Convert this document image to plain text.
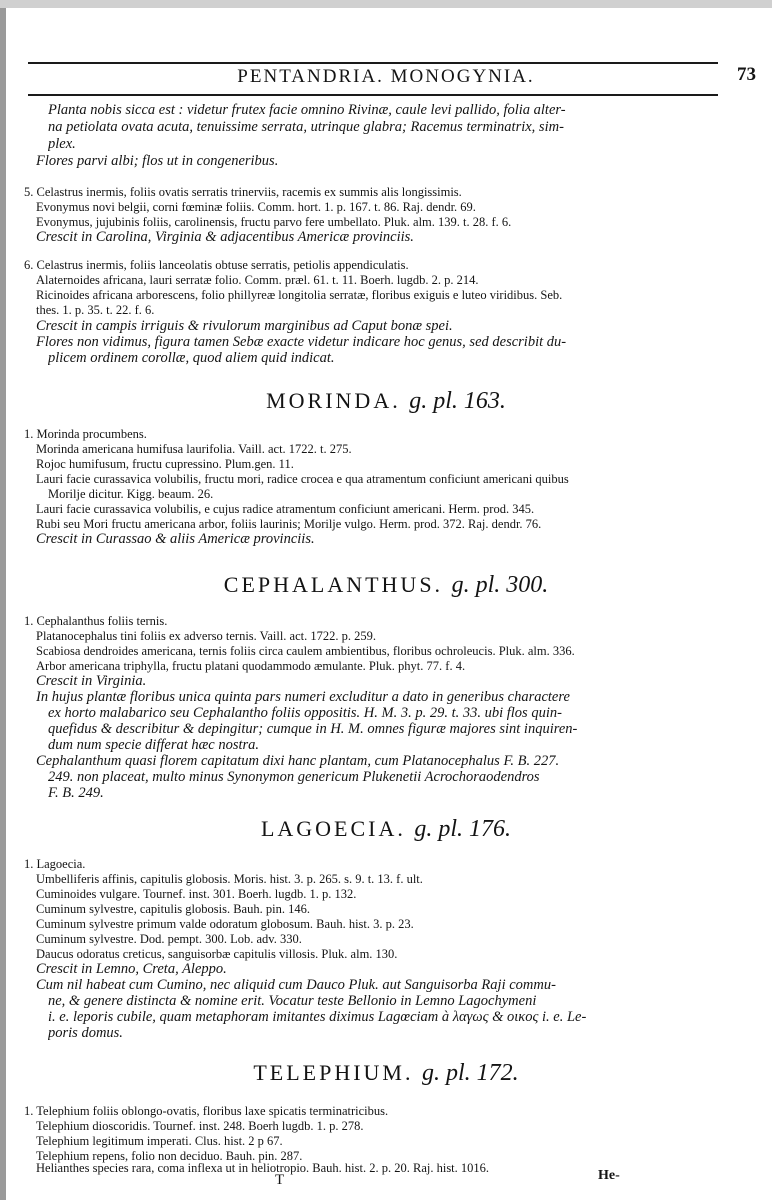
PENTANDRIA. MONOGYNIA.	73
Planta nobis sicca est : videtur frutex facie omnino Rivinæ, caule levi pallido, folia alter-
na petiolata ovata acuta, tenuissime serrata, utrinque glabra; Racemus terminatrix, sim-
plex.
Flores parvi albi; flos ut in congeneribus.
5. Celastrus inermis, foliis ovatis serratis trinerviis, racemis ex summis alis longissimis.
Evonymus novi belgii, corni fœminæ foliis. Comm. hort. 1. p. 167. t. 86. Raj. dendr. 69.
Evonymus, jujubinis foliis, carolinensis, fructu parvo fere umbellato. Pluk. alm. 139. t. 28. f. 6.
Crescit in Carolina, Virginia & adjacentibus Americæ provinciis.
6. Celastrus inermis, foliis lanceolatis obtuse serratis, petiolis appendiculatis.
Alaternoides africana, lauri serratæ folio. Comm. præl. 61. t. 11. Boerh. lugdb. 2. p. 214.
Ricinoides africana arborescens, folio phillyreæ longitolia serratæ, floribus exiguis e luteo viridibus. Seb.
thes. 1. p. 35. t. 22. f. 6.
Crescit in campis irriguis & rivulorum marginibus ad Caput bonæ spei.
Flores non vidimus, figura tamen Sebæ exacte videtur indicare hoc genus, sed describit du-
plicem ordinem corollæ, quod aliem quid indicat.
MORINDA. g. pl. 163.
1. Morinda procumbens.
Morinda americana humifusa laurifolia. Vaill. act. 1722. t. 275.
Rojoc humifusum, fructu cupressino. Plum.gen. 11.
Lauri facie curassavica volubilis, fructu mori, radice crocea e qua atramentum conficiunt americani quibus
Morilje dicitur. Kigg. beaum. 26.
Lauri facie curassavica volubilis, e cujus radice atramentum conficiunt americani. Herm. prod. 345.
Rubi seu Mori fructu americana arbor, foliis laurinis; Morilje vulgo. Herm. prod. 372. Raj. dendr. 76.
Crescit in Curassao & aliis Americæ provinciis.
CEPHALANTHUS. g. pl. 300.
1. Cephalanthus foliis ternis.
Platanocephalus tini foliis ex adverso ternis. Vaill. act. 1722. p. 259.
Scabiosa dendroides americana, ternis foliis circa caulem ambientibus, floribus ochroleucis. Pluk. alm. 336.
Arbor americana triphylla, fructu platani quodammodo æmulante. Pluk. phyt. 77. f. 4.
Crescit in Virginia.
In hujus plantæ floribus unica quinta pars numeri excluditur a dato in generibus charactere
ex horto malabarico seu Cephalantho foliis oppositis. H. M. 3. p. 29. t. 33. ubi flos quin-
quefidus & describitur & depingitur; cumque in H. M. omnes figuræ majores sint inquiren-
dum num specie differat hæc nostra.
Cephalanthum quasi florem capitatum dixi hanc plantam, cum Platanocephalus F. B. 227.
249. non placeat, multo minus Synonymon genericum Plukenetii Acrochoraodendros
F. B. 249.
LAGOECIA. g. pl. 176.
1. Lagoecia.
Umbelliferis affinis, capitulis globosis. Moris. hist. 3. p. 265. s. 9. t. 13. f. ult.
Cuminoides vulgare. Tournef. inst. 301. Boerh. lugdb. 1. p. 132.
Cuminum sylvestre, capitulis globosis. Bauh. pin. 146.
Cuminum sylvestre primum valde odoratum globosum. Bauh. hist. 3. p. 23.
Cuminum sylvestre. Dod. pempt. 300. Lob. adv. 330.
Daucus odoratus creticus, sanguisorbæ capitulis villosis. Pluk. alm. 130.
Crescit in Lemno, Creta, Aleppo.
Cum nil habeat cum Cumino, nec aliquid cum Dauco Pluk. aut Sanguisorba Raji commu-
ne, & genere distincta & nomine erit. Vocatur teste Bellonio in Lemno Lagochymeni
i. e. leporis cubile, quam metaphoram imitantes diximus Lagœciam à λαγως & οικος i. e. Le-
poris domus.
TELEPHIUM. g. pl. 172.
1. Telephium foliis oblongo-ovatis, floribus laxe spicatis terminatricibus.
Telephium dioscoridis. Tournef. inst. 248. Boerh lugdb. 1. p. 278.
Telephium legitimum imperati. Clus. hist. 2 p 67.
Telephium repens, folio non deciduo. Bauh. pin. 287.
Helianthes species rara, coma inflexa ut in heliotropio. Bauh. hist. 2. p. 20. Raj. hist. 1016.
T	He-
